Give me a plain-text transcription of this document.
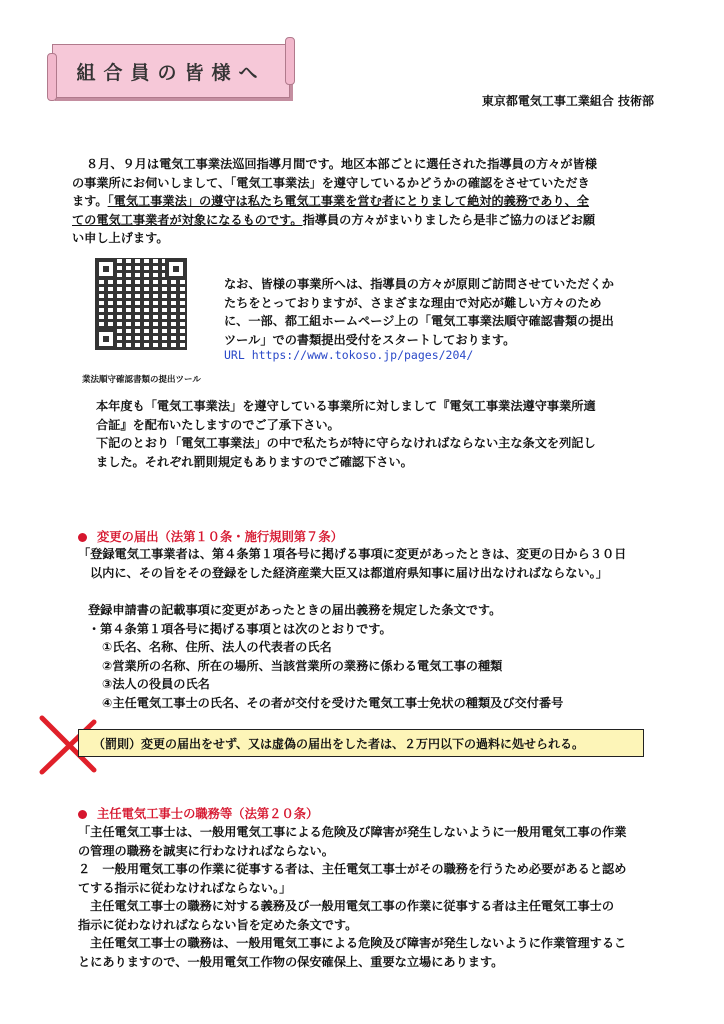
組合員の皆様へ
東京都電気工事工業組合 技術部
８月、９月は電気工事業法巡回指導月間です。地区本部ごとに選任された指導員の方々が皆様
の事業所にお伺いしまして、「電気工事業法」を遵守しているかどうかの確認をさせていただき
ます。「電気工事業法」の遵守は私たち電気工事業を営む者にとりまして絶対的義務であり、全
ての電気工事業者が対象になるものです。指導員の方々がまいりましたら是非ご協力のほどお願
い申し上げます。
業法順守確認書類の提出ツール
なお、皆様の事業所へは、指導員の方々が原則ご訪問させていただくか
たちをとっておりますが、さまざまな理由で対応が難しい方々のため
に、一部、都工組ホームページ上の「電気工事業法順守確認書類の提出
ツール」での書類提出受付をスタートしております。
URL https://www.tokoso.jp/pages/204/
本年度も「電気工事業法」を遵守している事業所に対しまして『電気工事業法遵守事業所適
合証』を配布いたしますのでご了承下さい。
下記のとおり「電気工事業法」の中で私たちが特に守らなければならない主な条文を列記し
ました。それぞれ罰則規定もありますのでご確認下さい。
変更の届出（法第１０条・施行規則第７条）
「登録電気工事業者は、第４条第１項各号に掲げる事項に変更があったときは、変更の日から３０日
以内に、その旨をその登録をした経済産業大臣又は都道府県知事に届け出なければならない。」
登録申請書の記載事項に変更があったときの届出義務を規定した条文です。
・第４条第１項各号に掲げる事項とは次のとおりです。
①氏名、名称、住所、法人の代表者の氏名
②営業所の名称、所在の場所、当該営業所の業務に係わる電気工事の種類
③法人の役員の氏名
④主任電気工事士の氏名、その者が交付を受けた電気工事士免状の種類及び交付番号
（罰則）変更の届出をせず、又は虚偽の届出をした者は、２万円以下の過料に処せられる。
主任電気工事士の職務等（法第２０条）
「主任電気工事士は、一般用電気工事による危険及び障害が発生しないように一般用電気工事の作業
の管理の職務を誠実に行わなければならない。
２　一般用電気工事の作業に従事する者は、主任電気工事士がその職務を行うため必要があると認め
てする指示に従わなければならない。」
主任電気工事士の職務に対する義務及び一般用電気工事の作業に従事する者は主任電気工事士の
指示に従わなければならない旨を定めた条文です。
主任電気工事士の職務は、一般用電気工事による危険及び障害が発生しないように作業管理するこ
とにありますので、一般用電気工作物の保安確保上、重要な立場にあります。
